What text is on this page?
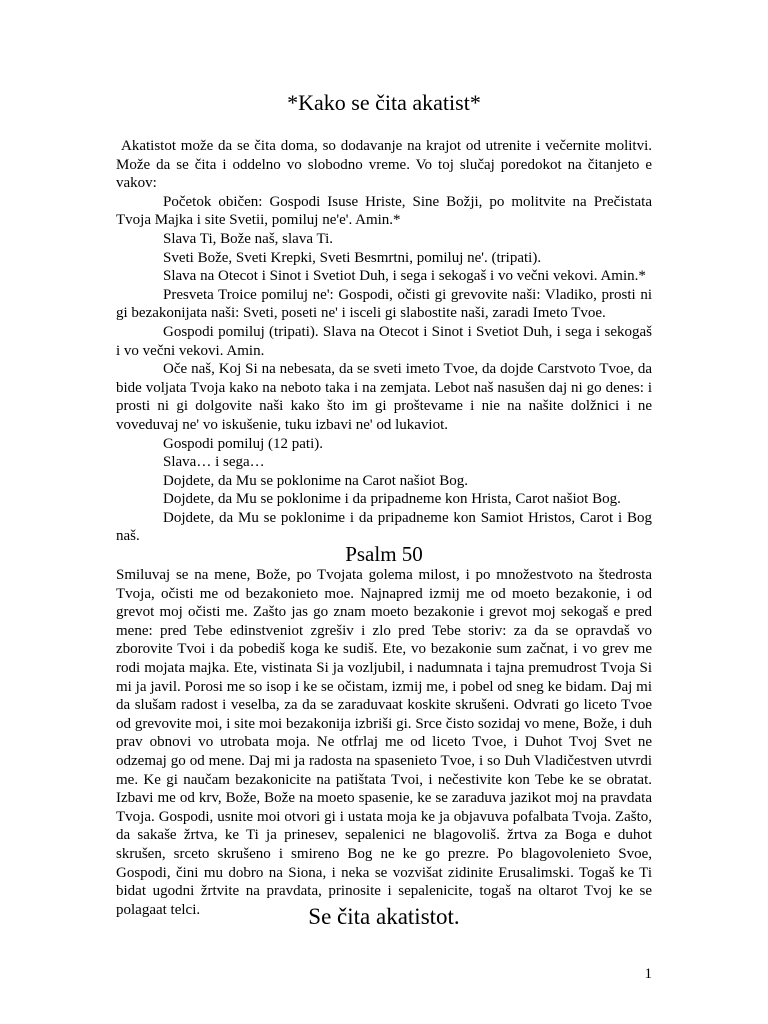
*Kako se čita akatist*

Akatistot može da se čita doma, so dodavanje na krajot od utrenite i večernite molitvi. Može da se čita i oddelno vo slobodno vreme. Vo toj slučaj poredokot na čitanjeto e vakov:

Početok običen: Gospodi Isuse Hriste, Sine Božji, po molitvite na Prečistata Tvoja Majka i site Svetii, pomiluj ne'e'. Amin.*

Slava Ti, Bože naš, slava Ti.

Sveti Bože, Sveti Krepki, Sveti Besmrtni, pomiluj ne'. (tripati).

Slava na Otecot i Sinot i Svetiot Duh, i sega i sekogaš i vo večni vekovi. Amin.*

Presveta Troice pomiluj ne': Gospodi, očisti gi grevovite naši: Vladiko, prosti ni gi bezakonijata naši: Sveti, poseti ne' i isceli gi slabostite naši, zaradi Imeto Tvoe.

Gospodi pomiluj (tripati). Slava na Otecot i Sinot i Svetiot Duh, i sega i sekogaš i vo večni vekovi. Amin.

Oče naš, Koj Si na nebesata, da se sveti imeto Tvoe, da dojde Carstvoto Tvoe, da bide voljata Tvoja kako na neboto taka i na zemjata. Lebot naš nasušen daj ni go denes: i prosti ni gi dolgovite naši kako što im gi proštevame i nie na našite dolžnici i ne voveduvaj ne' vo iskušenie, tuku izbavi ne' od lukaviot.

Gospodi pomiluj (12 pati).

Slava… i sega…

Dojdete, da Mu se poklonime na Carot našiot Bog.

Dojdete, da Mu se poklonime i da pripadneme kon Hrista, Carot našiot Bog.

Dojdete, da Mu se poklonime i da pripadneme kon Samiot Hristos, Carot i Bog naš.

Psalm 50

Smiluvaj se na mene, Bože, po Tvojata golema milost, i po množestvoto na štedrosta Tvoja, očisti me od bezakonieto moe. Najnapred izmij me od moeto bezakonie, i od grevot moj očisti me. Zašto jas go znam moeto bezakonie i grevot moj sekogaš e pred mene: pred Tebe edinstveniot zgrešiv i zlo pred Tebe storiv: za da se opravdaš vo zborovite Tvoi i da pobediš koga ke sudiš. Ete, vo bezakonie sum začnat, i vo grev me rodi mojata majka. Ete, vistinata Si ja vozljubil, i nadumnata i tajna premudrost Tvoja Si mi ja javil. Porosi me so isop i ke se očistam, izmij me, i pobel od sneg ke bidam. Daj mi da slušam radost i veselba, za da se zaraduvaat koskite skrušeni. Odvrati go liceto Tvoe od grevovite moi, i site moi bezakonija izbriši gi. Srce čisto sozidaj vo mene, Bože, i duh prav obnovi vo utrobata moja. Ne otfrlaj me od liceto Tvoe, i Duhot Tvoj Svet ne odzemaj go od mene. Daj mi ja radosta na spasenieto Tvoe, i so Duh Vladičestven utvrdi me. Ke gi naučam bezakonicite na patištata Tvoi, i nečestivite kon Tebe ke se obratat. Izbavi me od krv, Bože, Bože na moeto spasenie, ke se zaraduva jazikot moj na pravdata Tvoja. Gospodi, usnite moi otvori gi i ustata moja ke ja objavuva pofalbata Tvoja. Zašto, da sakaše žrtva, ke Ti ja prinesev, sepalenici ne blagovoliš. žrtva za Boga e duhot skrušen, srceto skrušeno i smireno Bog ne ke go prezre. Po blagovolenieto Svoe, Gospodi, čini mu dobro na Siona, i neka se vozvišat zidinite Erusalimski. Togaš ke Ti bidat ugodni žrtvite na pravdata, prinosite i sepalenicite, togaš na oltarot Tvoj ke se polagaat telci.	Se čita akatistot.
1
